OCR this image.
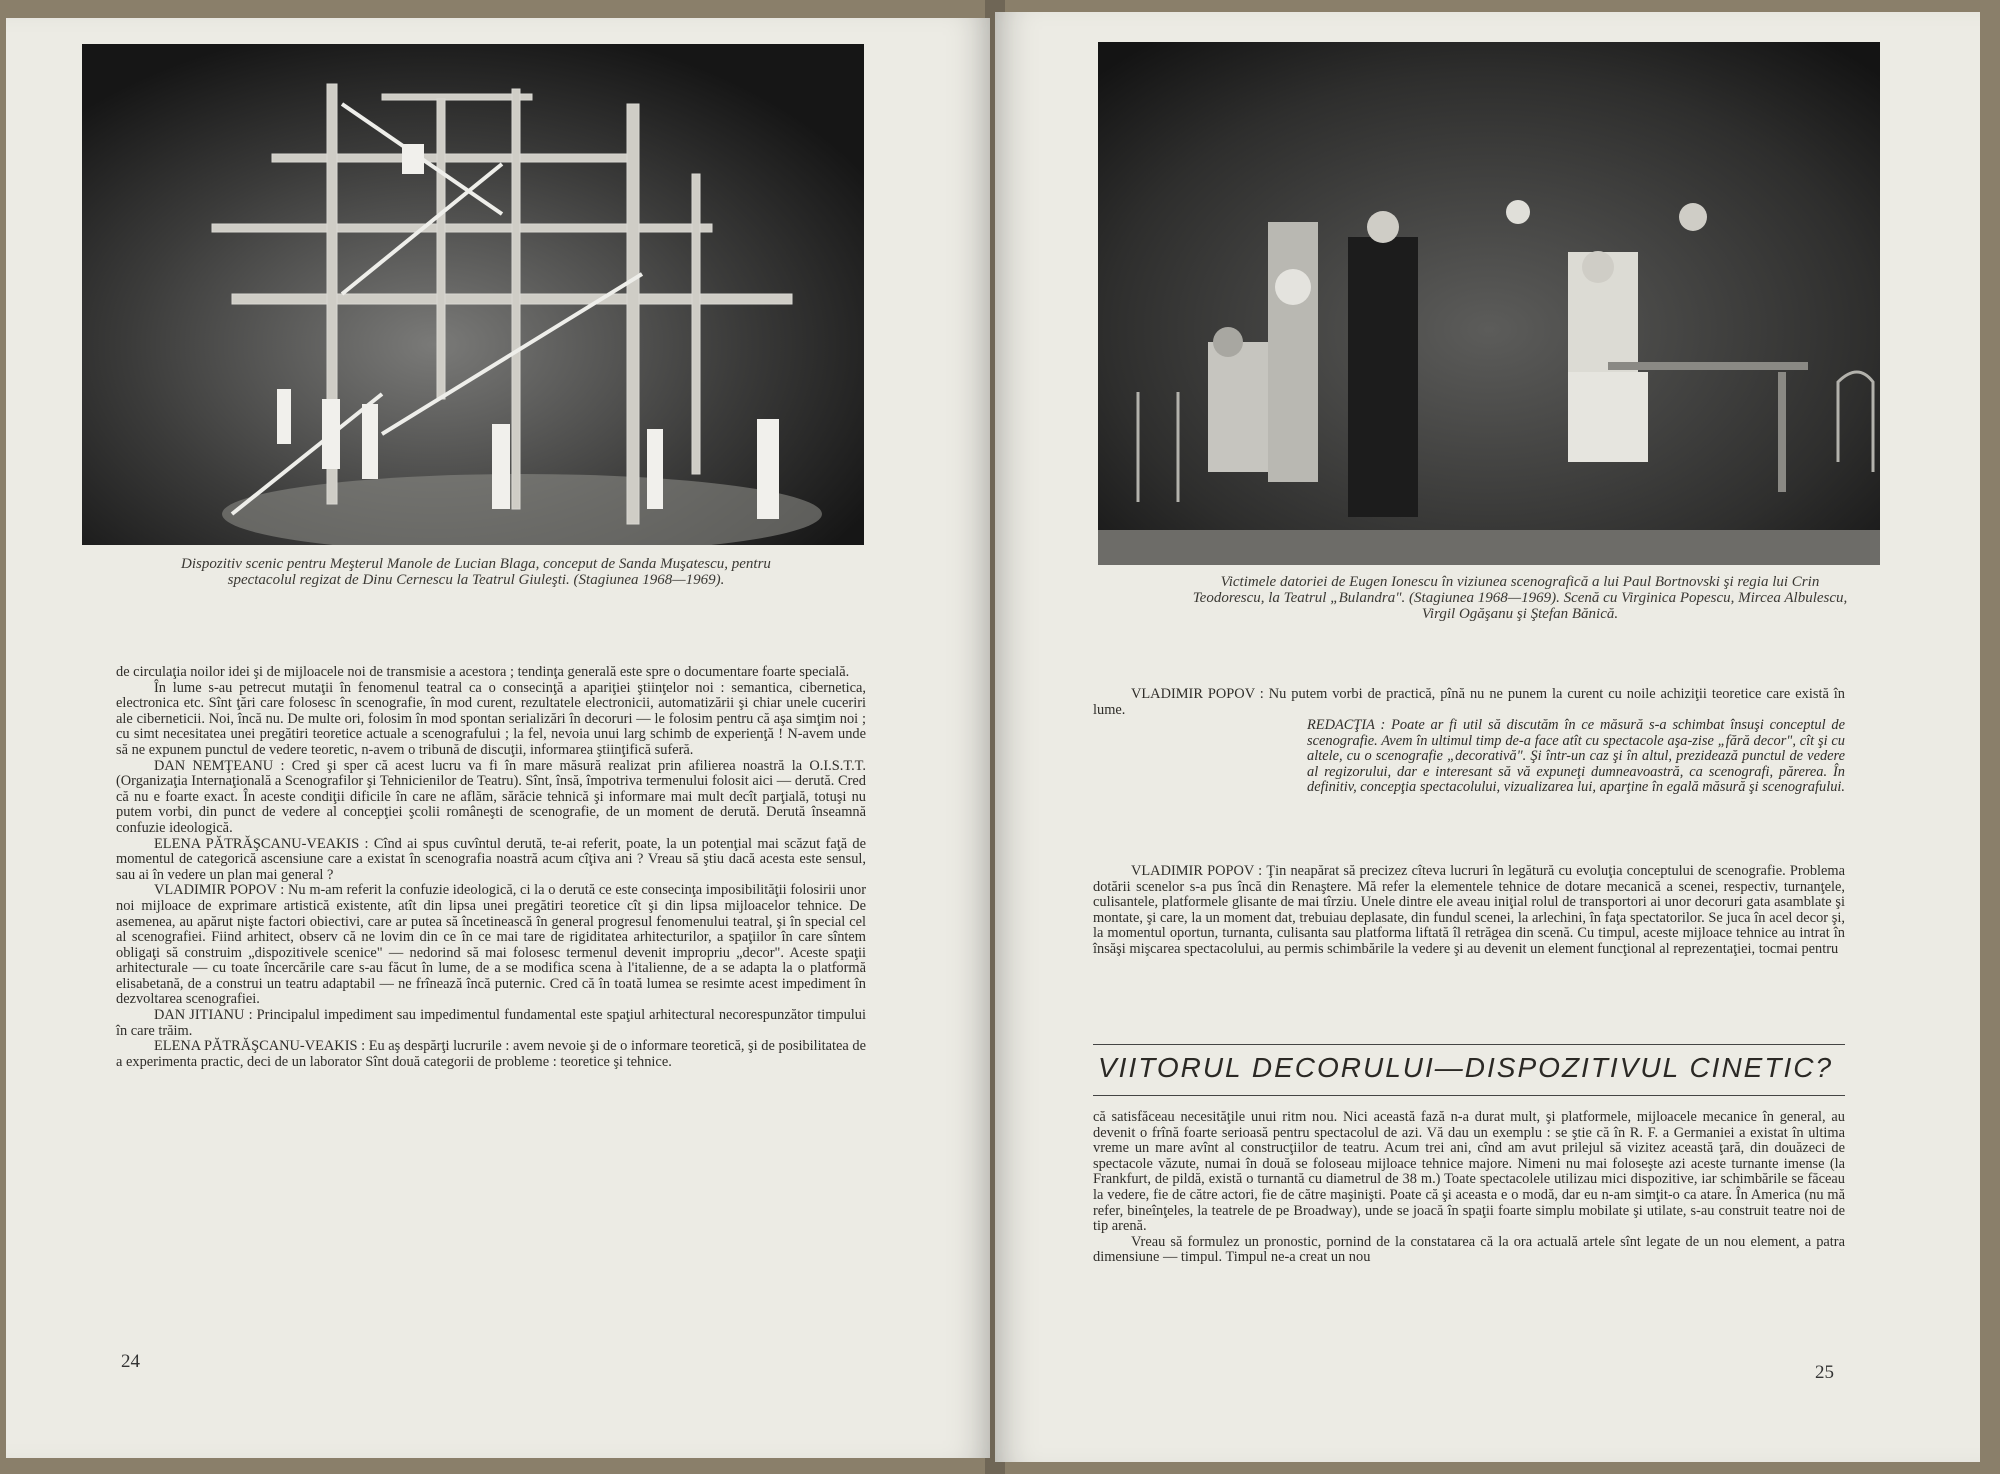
Dispozitiv scenic pentru Meşterul Manole de Lucian Blaga, conceput de Sanda Muşatescu, pentru spectacolul regizat de Dinu Cernescu la Teatrul Giuleşti. (Stagiunea 1968—1969).

de circulaţia noilor idei şi de mijloacele noi de transmisie a acestora ; tendinţa generală este spre o documentare foarte specială.

În lume s-au petrecut mutaţii în fenomenul teatral ca o consecinţă a apariţiei ştiinţelor noi : semantica, cibernetica, electronica etc. Sînt ţări care folosesc în scenografie, în mod curent, rezultatele electronicii, automatizării şi chiar unele cuceriri ale ciberneticii. Noi, încă nu. De multe ori, folosim în mod spontan serializări în decoruri — le folosim pentru că aşa simţim noi ; cu simt necesitatea unei pregătiri teoretice actuale a scenografului ; la fel, nevoia unui larg schimb de experienţă ! N-avem unde să ne expunem punctul de vedere teoretic, n-avem o tribună de discuţii, informarea ştiinţifică suferă.

DAN NEMŢEANU : Cred şi sper că acest lucru va fi în mare măsură realizat prin afilierea noastră la O.I.S.T.T. (Organizaţia Internaţională a Scenografilor şi Tehnicienilor de Teatru). Sînt, însă, împotriva termenului folosit aici — derută. Cred că nu e foarte exact. În aceste condiţii dificile în care ne aflăm, sărăcie tehnică şi informare mai mult decît parţială, totuşi nu putem vorbi, din punct de vedere al concepţiei şcolii româneşti de scenografie, de un moment de derută. Derută înseamnă confuzie ideologică.

ELENA PĂTRĂŞCANU-VEAKIS : Cînd ai spus cuvîntul derută, te-ai referit, poate, la un potenţial mai scăzut faţă de momentul de categorică ascensiune care a existat în scenografia noastră acum cîţiva ani ? Vreau să ştiu dacă acesta este sensul, sau ai în vedere un plan mai general ?

VLADIMIR POPOV : Nu m-am referit la confuzie ideologică, ci la o derută ce este consecinţa imposibilităţii folosirii unor noi mijloace de exprimare artistică existente, atît din lipsa unei pregătiri teoretice cît şi din lipsa mijloacelor tehnice. De asemenea, au apărut nişte factori obiectivi, care ar putea să încetinească în general progresul fenomenului teatral, şi în special cel al scenografiei. Fiind arhitect, observ că ne lovim din ce în ce mai tare de rigiditatea arhitecturilor, a spaţiilor în care sîntem obligaţi să construim „dispozitivele scenice" — nedorind să mai folosesc termenul devenit impropriu „decor". Aceste spaţii arhitecturale — cu toate încercările care s-au făcut în lume, de a se modifica scena à l'italienne, de a se adapta la o platformă elisabetană, de a construi un teatru adaptabil — ne frînează încă puternic. Cred că în toată lumea se resimte acest impediment în dezvoltarea scenografiei.

DAN JITIANU : Principalul impediment sau impedimentul fundamental este spaţiul arhitectural necorespunzător timpului în care trăim.

ELENA PĂTRĂŞCANU-VEAKIS : Eu aş despărţi lucrurile : avem nevoie şi de o informare teoretică, şi de posibilitatea de a experimenta practic, deci de un laborator Sînt două categorii de probleme : teoretice şi tehnice.

24

Victimele datoriei de Eugen Ionescu în viziunea scenografică a lui Paul Bortnovski şi regia lui Crin Teodorescu, la Teatrul „Bulandra". (Stagiunea 1968—1969). Scenă cu Virginica Popescu, Mircea Albulescu, Virgil Ogăşanu şi Ştefan Bănică.

VLADIMIR POPOV : Nu putem vorbi de practică, pînă nu ne punem la curent cu noile achiziţii teoretice care există în lume.

REDACŢIA : Poate ar fi util să discutăm în ce măsură s-a schimbat însuşi conceptul de scenografie. Avem în ultimul timp de-a face atît cu spectacole aşa-zise „fără decor", cît şi cu altele, cu o scenografie „decorativă". Şi într-un caz şi în altul, prezidează punctul de vedere al regizorului, dar e interesant să vă expuneţi dumneavoastră, ca scenografi, părerea. În definitiv, concepţia spectacolului, vizualizarea lui, aparţine în egală măsură şi scenografului.

VLADIMIR POPOV : Ţin neapărat să precizez cîteva lucruri în legătură cu evoluţia conceptului de scenografie. Problema dotării scenelor s-a pus încă din Renaştere. Mă refer la elementele tehnice de dotare mecanică a scenei, respectiv, turnanţele, culisantele, platformele glisante de mai tîrziu. Unele dintre ele aveau iniţial rolul de transportori ai unor decoruri gata asamblate şi montate, şi care, la un moment dat, trebuiau deplasate, din fundul scenei, la arlechini, în faţa spectatorilor. Se juca în acel decor şi, la momentul oportun, turnanta, culisanta sau platforma liftată îl retrăgea din scenă. Cu timpul, aceste mijloace tehnice au intrat în însăşi mişcarea spectacolului, au permis schimbările la vedere şi au devenit un element funcţional al reprezentaţiei, tocmai pentru

VIITORUL DECORULUI—DISPOZITIVUL CINETIC?

că satisfăceau necesităţile unui ritm nou. Nici această fază n-a durat mult, şi platformele, mijloacele mecanice în general, au devenit o frînă foarte serioasă pentru spectacolul de azi. Vă dau un exemplu : se ştie că în R. F. a Germaniei a existat în ultima vreme un mare avînt al construcţiilor de teatru. Acum trei ani, cînd am avut prilejul să vizitez această ţară, din douăzeci de spectacole văzute, numai în două se foloseau mijloace tehnice majore. Nimeni nu mai foloseşte azi aceste turnante imense (la Frankfurt, de pildă, există o turnantă cu diametrul de 38 m.) Toate spectacolele utilizau mici dispozitive, iar schimbările se făceau la vedere, fie de către actori, fie de către maşinişti. Poate că şi aceasta e o modă, dar eu n-am simţit-o ca atare. În America (nu mă refer, bineînţeles, la teatrele de pe Broadway), unde se joacă în spaţii foarte simplu mobilate şi utilate, s-au construit teatre noi de tip arenă.

Vreau să formulez un pronostic, pornind de la constatarea că la ora actuală artele sînt legate de un nou element, a patra dimensiune — timpul. Timpul ne-a creat un nou

25
